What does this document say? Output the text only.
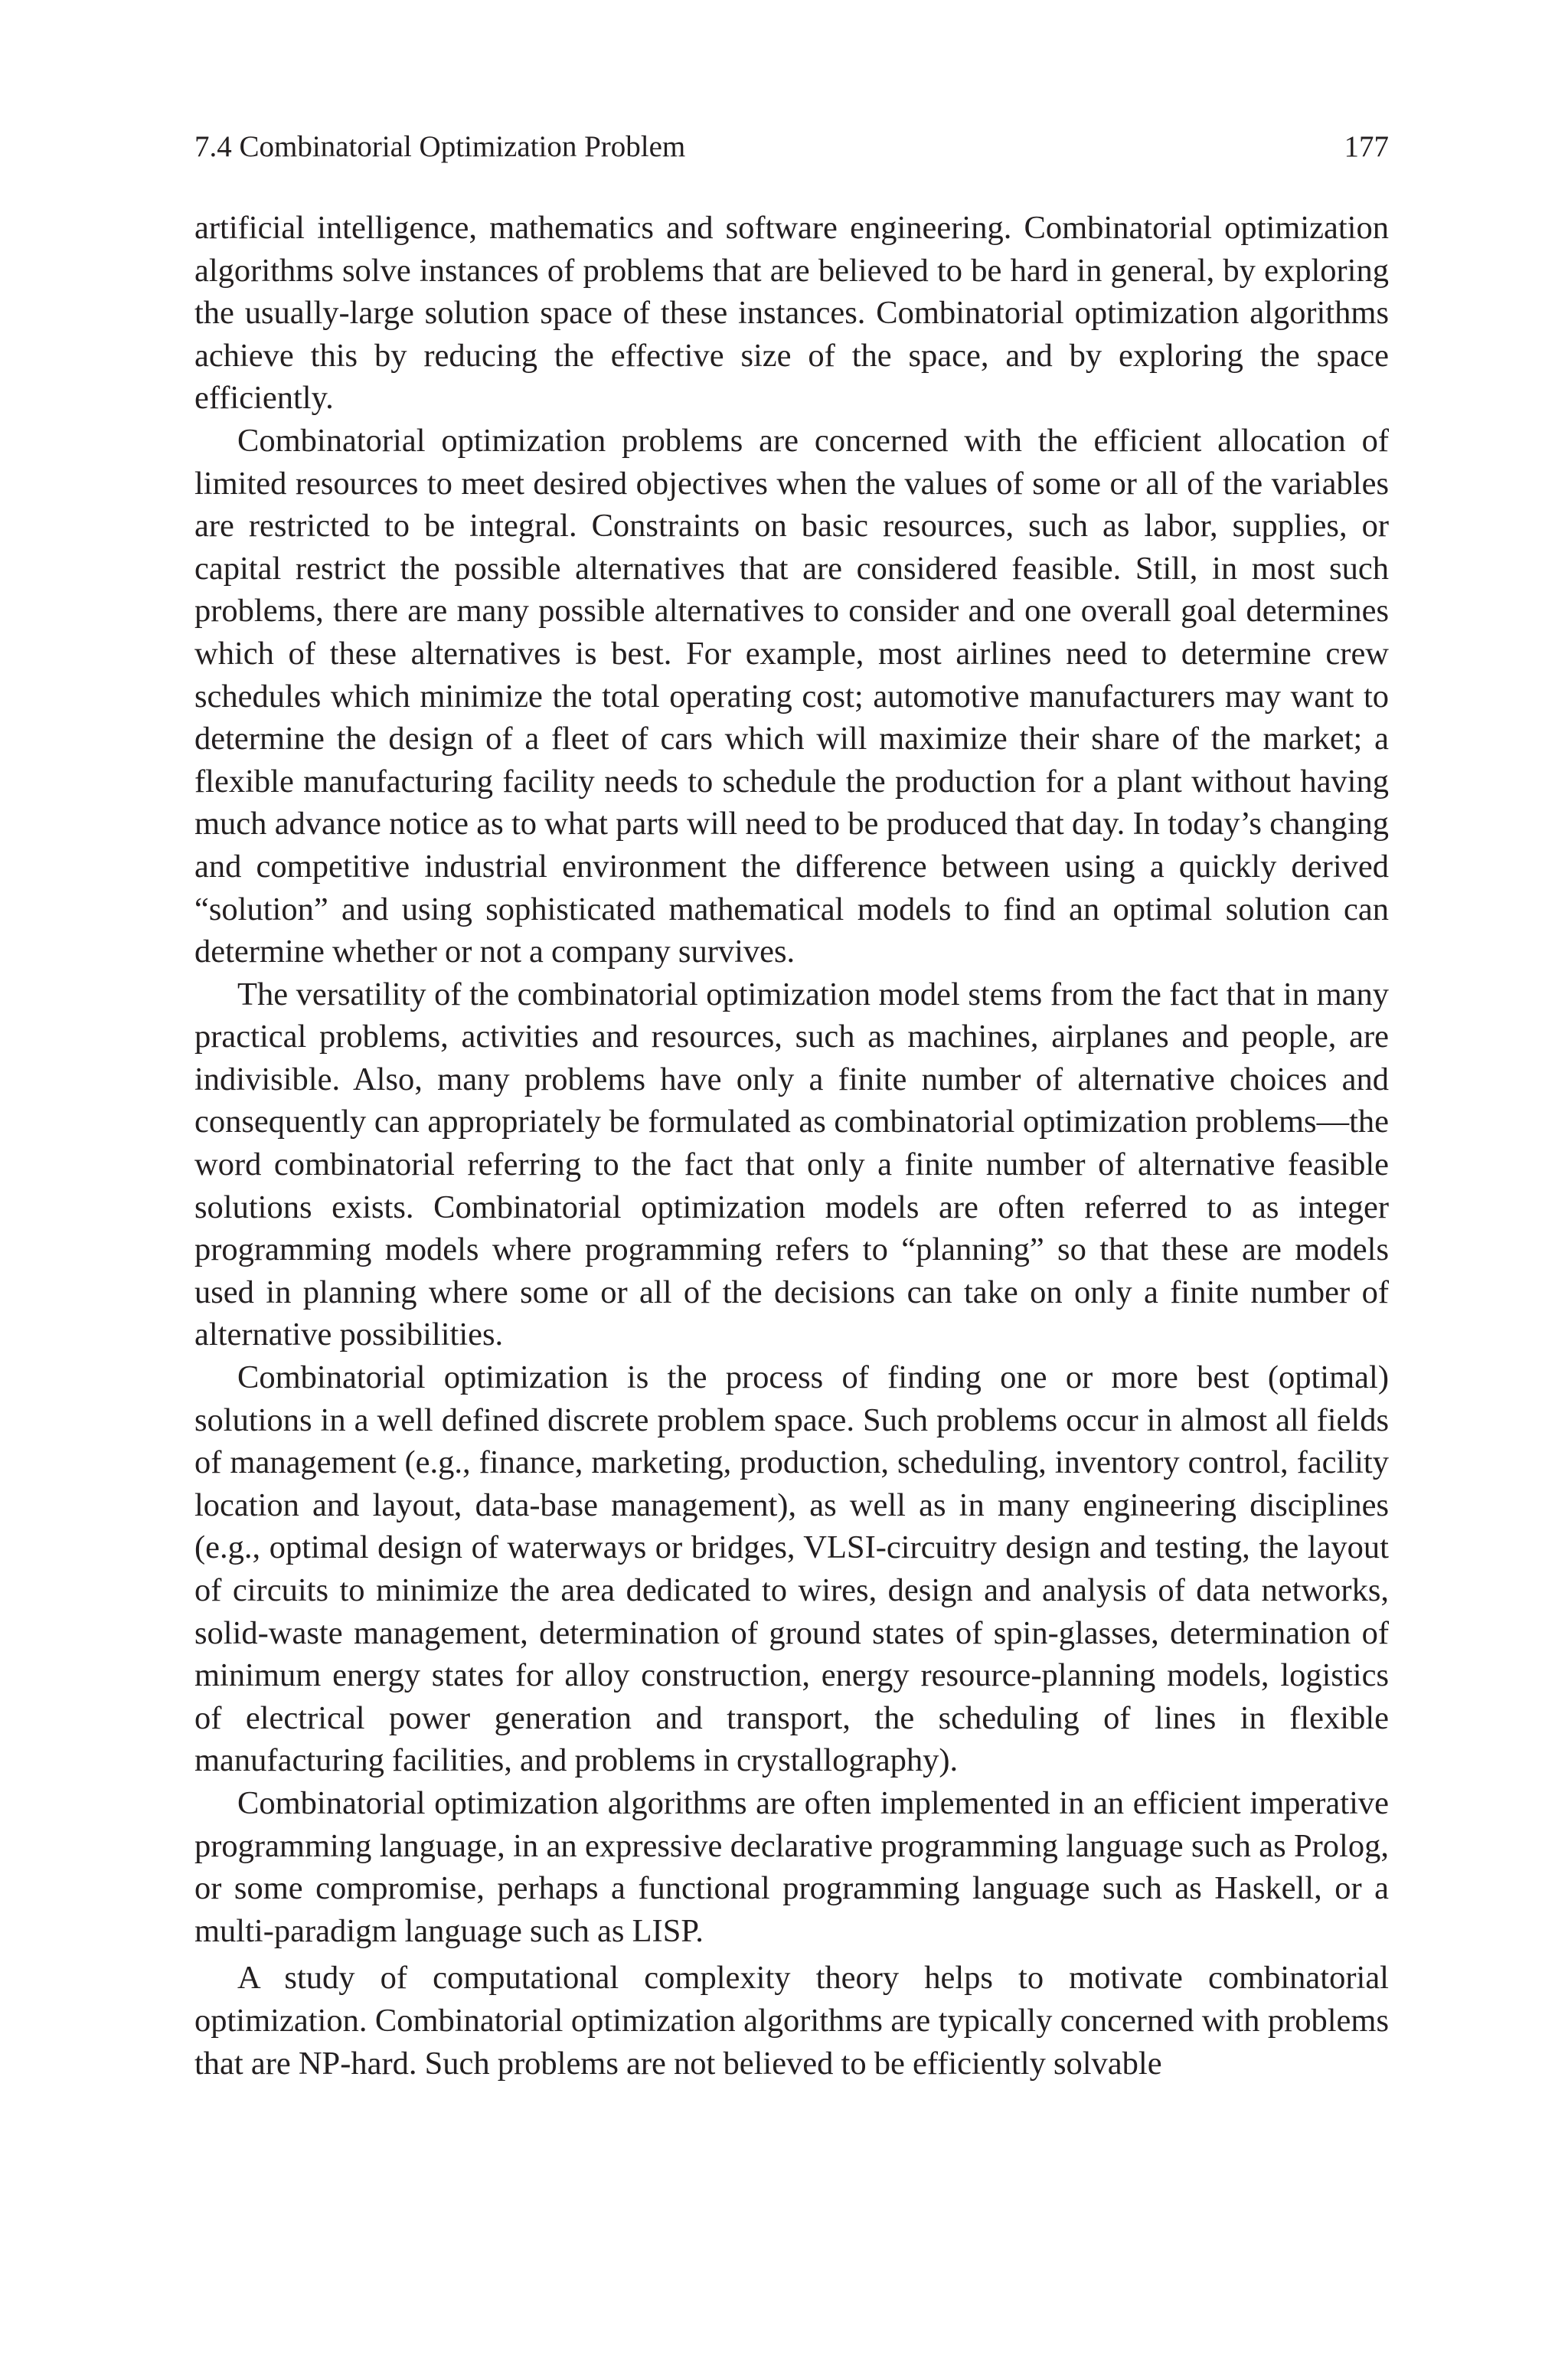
7.4 Combinatorial Optimization Problem	177

artificial intelligence, mathematics and software engineering. Combinatorial optimization algorithms solve instances of problems that are believed to be hard in general, by exploring the usually-large solution space of these instances. Combinatorial optimization algorithms achieve this by reducing the effective size of the space, and by exploring the space efficiently.

Combinatorial optimization problems are concerned with the efficient allocation of limited resources to meet desired objectives when the values of some or all of the variables are restricted to be integral. Constraints on basic resources, such as labor, supplies, or capital restrict the possible alternatives that are considered feasible. Still, in most such problems, there are many possible alternatives to consider and one overall goal determines which of these alternatives is best. For example, most airlines need to determine crew schedules which minimize the total operating cost; automotive manufacturers may want to determine the design of a fleet of cars which will maximize their share of the market; a flexible manufacturing facility needs to schedule the production for a plant without having much advance notice as to what parts will need to be produced that day. In today’s changing and competitive industrial environment the difference between using a quickly derived “solution” and using sophisticated mathematical models to find an optimal solution can determine whether or not a company survives.

The versatility of the combinatorial optimization model stems from the fact that in many practical problems, activities and resources, such as machines, airplanes and people, are indivisible. Also, many problems have only a finite number of alternative choices and consequently can appropriately be formulated as combinatorial optimization problems—the word combinatorial referring to the fact that only a finite number of alternative feasible solutions exists. Combinatorial optimization models are often referred to as integer programming models where programming refers to “planning” so that these are models used in planning where some or all of the decisions can take on only a finite number of alternative possibilities.

Combinatorial optimization is the process of finding one or more best (optimal) solutions in a well defined discrete problem space. Such problems occur in almost all fields of management (e.g., finance, marketing, production, scheduling, inventory control, facility location and layout, data-base management), as well as in many engineering disciplines (e.g., optimal design of waterways or bridges, VLSI-circuitry design and testing, the layout of circuits to minimize the area dedicated to wires, design and analysis of data networks, solid-waste management, determination of ground states of spin-glasses, determination of minimum energy states for alloy construction, energy resource-planning models, logistics of electrical power generation and transport, the scheduling of lines in flexible manufacturing facilities, and problems in crystallography).

Combinatorial optimization algorithms are often implemented in an efficient imperative programming language, in an expressive declarative programming language such as Prolog, or some compromise, perhaps a functional programming language such as Haskell, or a multi-paradigm language such as LISP.

A study of computational complexity theory helps to motivate combinatorial optimization. Combinatorial optimization algorithms are typically concerned with problems that are NP-hard. Such problems are not believed to be efficiently solvable
